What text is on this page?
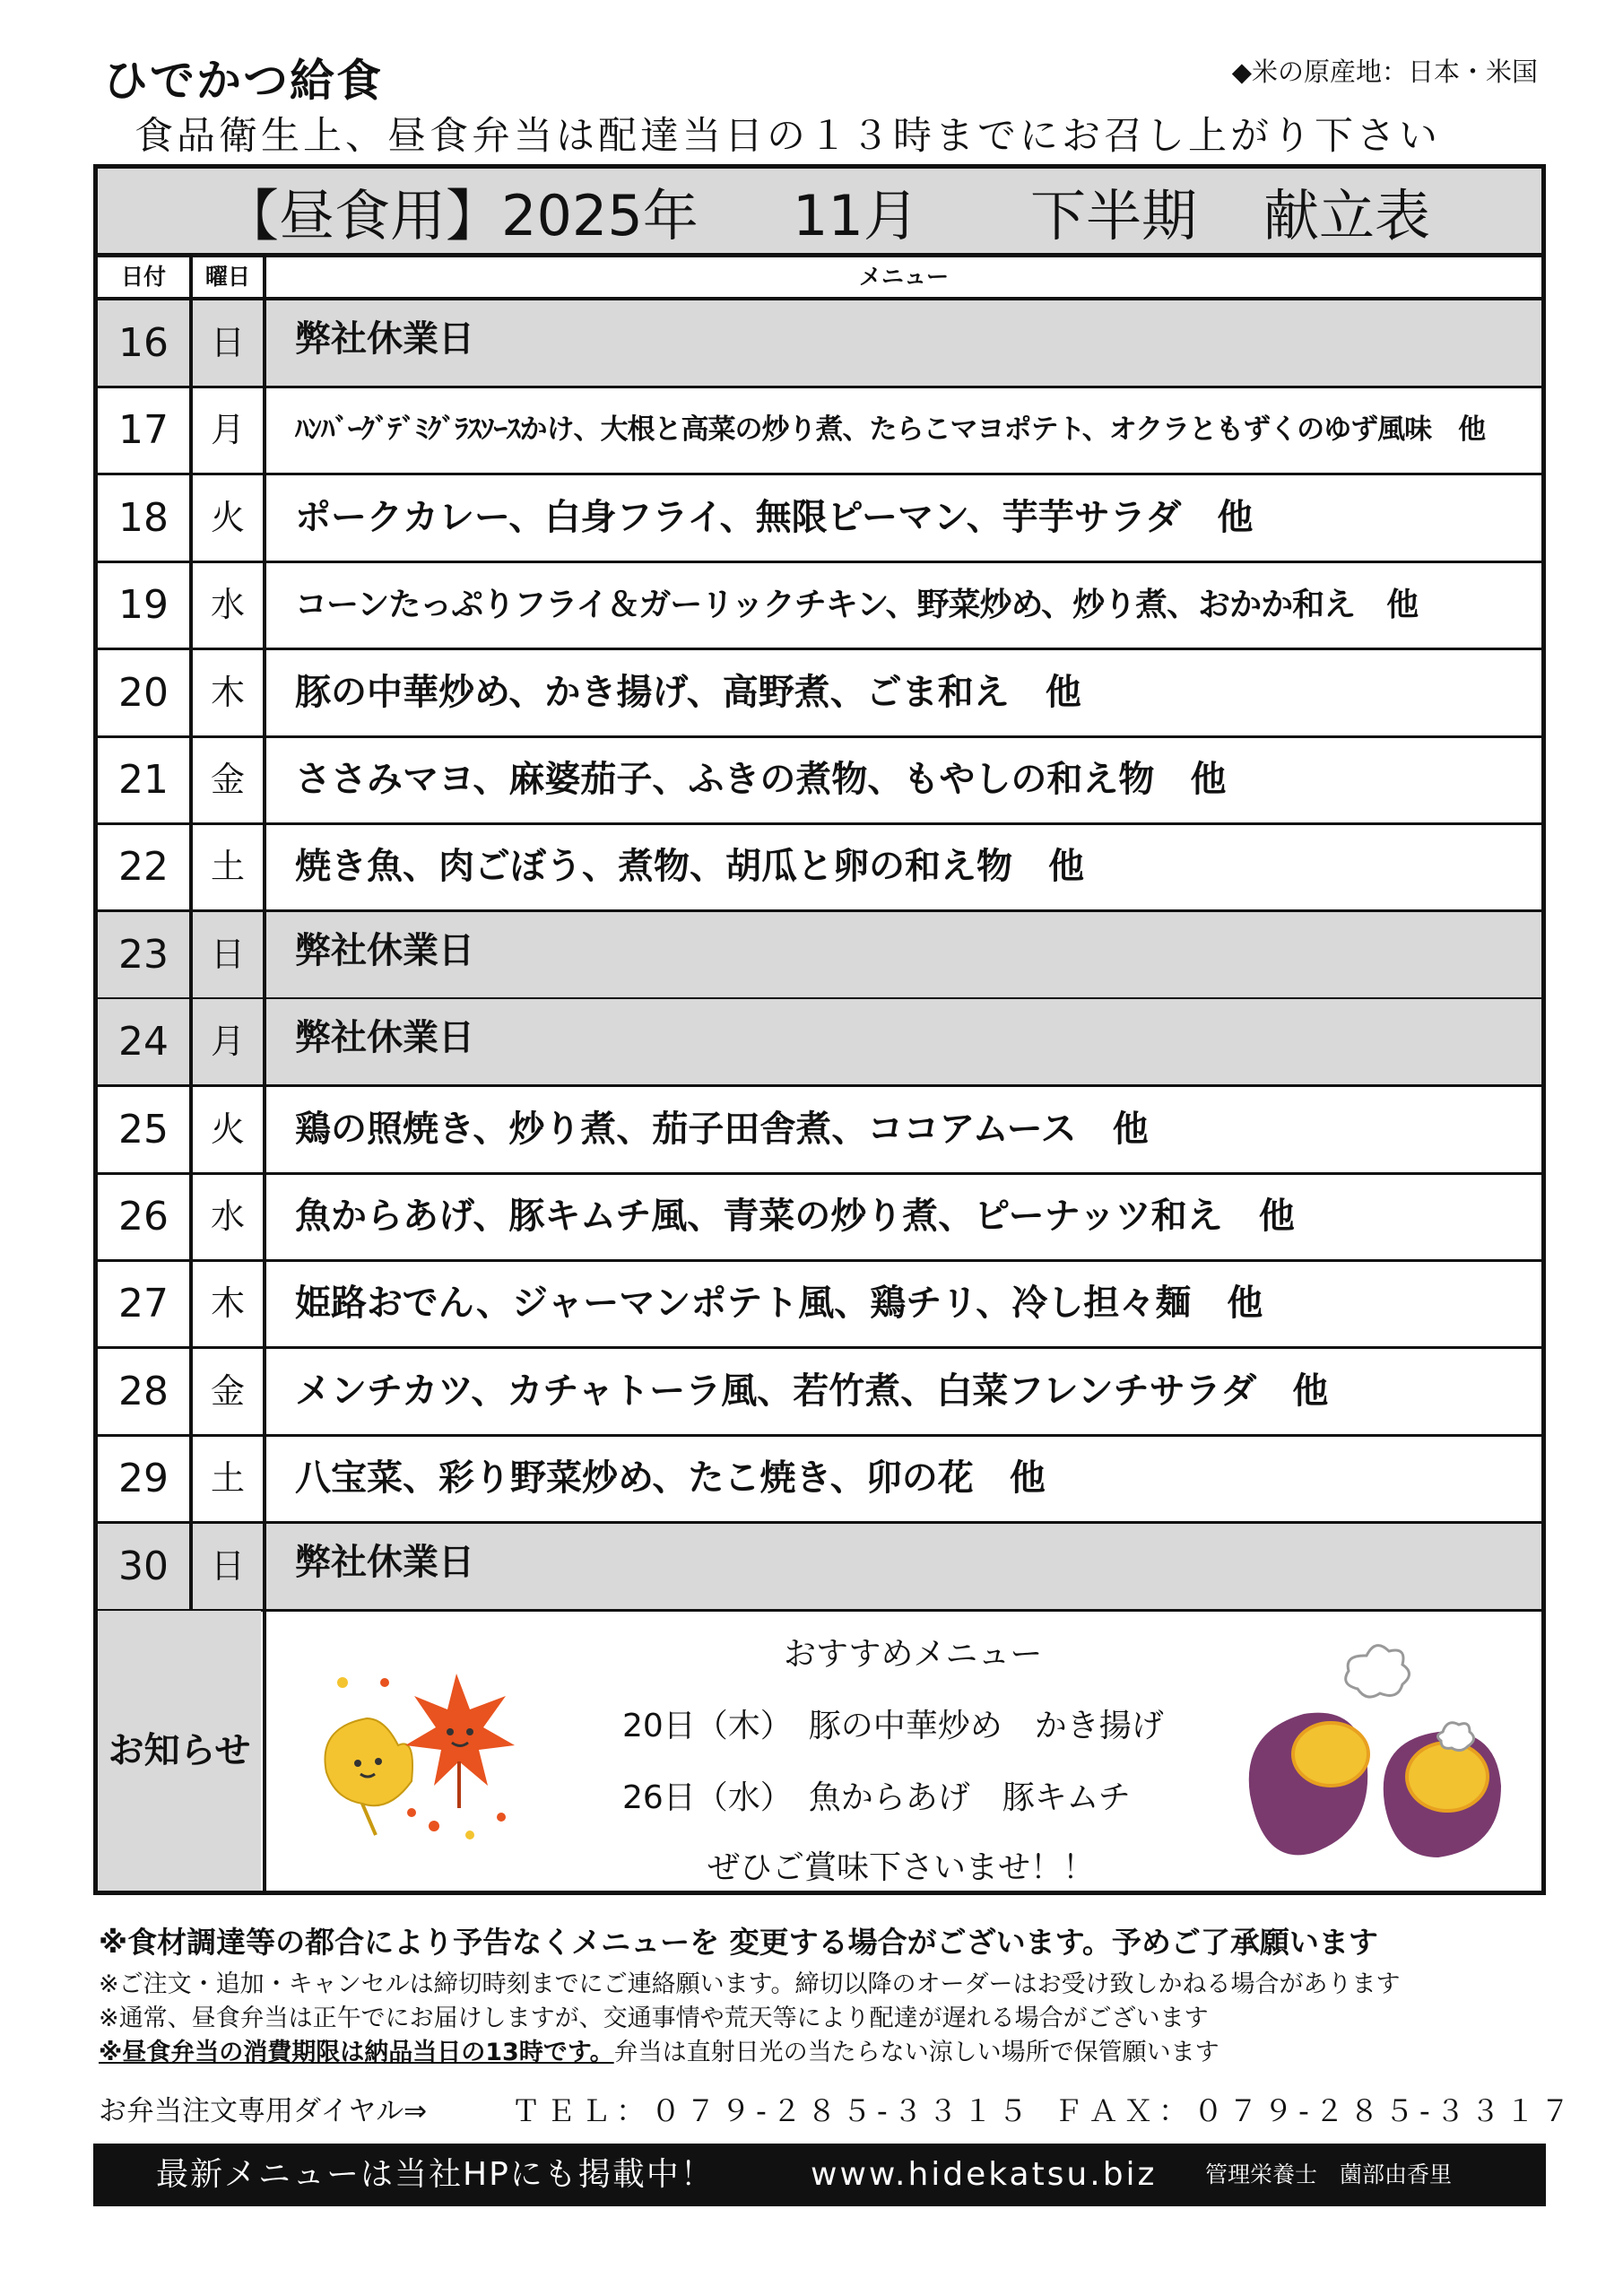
ひでかつ給食	◆米の原産地：日本・米国
食品衛生上、昼食弁当は配達当日の１３時までにお召し上がり下さい
【昼食用】2025年 11月 下半期 献立表
日付	曜日	メニュー
16	日	弊社休業日
17	月	ﾊﾝﾊﾞｰｸﾞﾃﾞﾐｸﾞﾗｽｿｰｽかけ、大根と高菜の炒り煮、たらこマヨポテト、オクラともずくのゆず風味　他
18	火	ポークカレー、白身フライ、無限ピーマン、芋芋サラダ　他
19	水	コーンたっぷりフライ＆ガーリックチキン、野菜炒め、炒り煮、おかか和え　他
20	木	豚の中華炒め、かき揚げ、高野煮、ごま和え　他
21	金	ささみマヨ、麻婆茄子、ふきの煮物、もやしの和え物　他
22	土	焼き魚、肉ごぼう、煮物、胡瓜と卵の和え物　他
23	日	弊社休業日
24	月	弊社休業日
25	火	鶏の照焼き、炒り煮、茄子田舎煮、ココアムース　他
26	水	魚からあげ、豚キムチ風、青菜の炒り煮、ピーナッツ和え　他
27	木	姫路おでん、ジャーマンポテト風、鶏チリ、冷し担々麺　他
28	金	メンチカツ、カチャトーラ風、若竹煮、白菜フレンチサラダ　他
29	土	八宝菜、彩り野菜炒め、たこ焼き、卯の花　他
30	日	弊社休業日
お知らせ
おすすめメニュー
20日（木）　豚の中華炒め　かき揚げ
26日（水）　魚からあげ　豚キムチ
ぜひご賞味下さいませ！！
※食材調達等の都合により予告なくメニューを 変更する場合がございます。予めご了承願います
※ご注文・追加・キャンセルは締切時刻までにご連絡願います。締切以降のオーダーはお受け致しかねる場合があります
※通常、昼食弁当は正午でにお届けしますが、交通事情や荒天等により配達が遅れる場合がございます
※昼食弁当の消費期限は納品当日の13時です。弁当は直射日光の当たらない涼しい場所で保管願います
お弁当注文専用ダイヤル⇒	ＴＥＬ：０７９-２８５-３３１５ ＦＡＸ：０７９-２８５-３３１７
最新メニューは当社HPにも掲載中！	www.hidekatsu.biz 管理栄養士　薗部由香里
